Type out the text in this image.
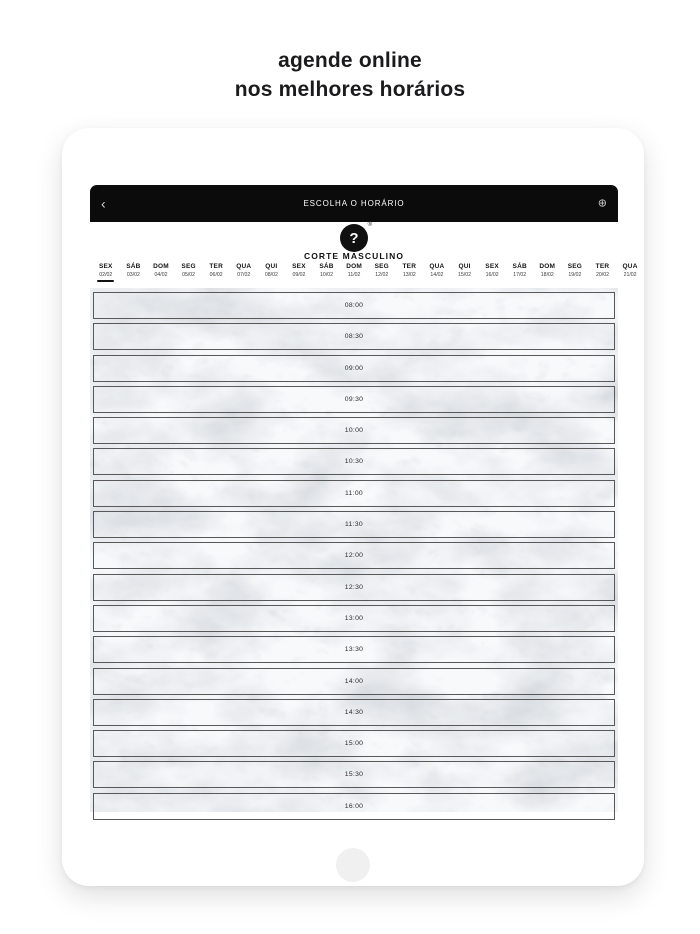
agende online
nos melhores horários
‹	ESCOLHA O HORÁRIO	⊕
?
®
CORTE MASCULINO
SEX
02/02
SÁB
03/02
DOM
04/02
SEG
05/02
TER
06/02
QUA
07/02
QUI
08/02
SEX
09/02
SÁB
10/02
DOM
11/02
SEG
12/02
TER
13/02
QUA
14/02
QUI
15/02
SEX
16/02
SÁB
17/02
DOM
18/02
SEG
19/02
TER
20/02
QUA
21/02
08:00
08:30
09:00
09:30
10:00
10:30
11:00
11:30
12:00
12:30
13:00
13:30
14:00
14:30
15:00
15:30
16:00
